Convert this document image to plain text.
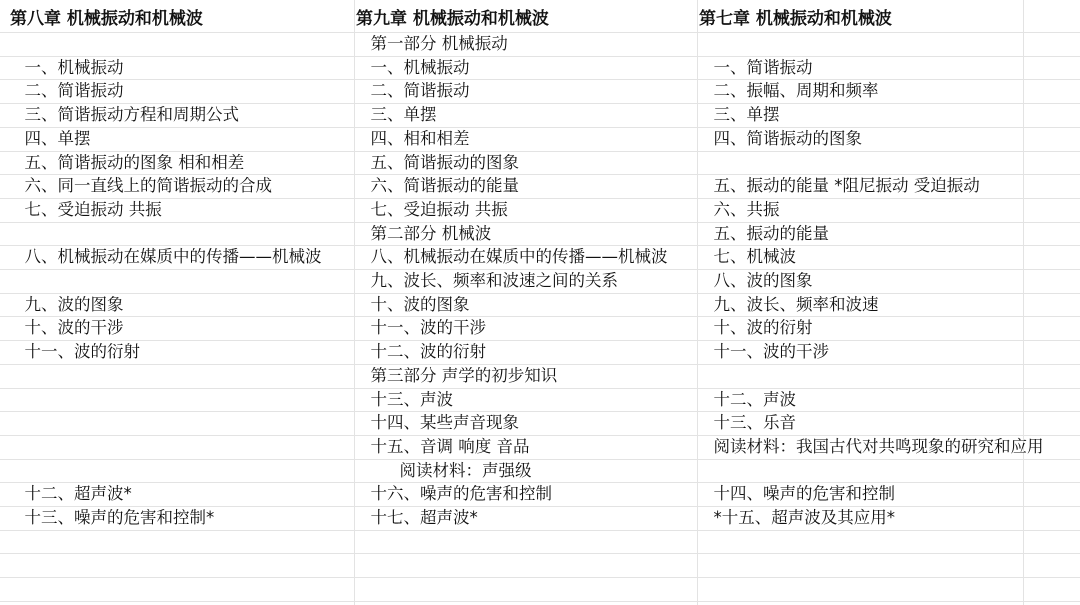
第八章 机械振动和机械波
一、机械振动
二、简谐振动
三、简谐振动方程和周期公式
四、单摆
五、简谐振动的图象 相和相差
六、同一直线上的简谐振动的合成
七、受迫振动 共振
八、机械振动在媒质中的传播——机械波
九、波的图象
十、波的干涉
十一、波的衍射
十二、超声波*
十三、噪声的危害和控制*
第九章 机械振动和机械波
第一部分 机械振动
一、机械振动
二、简谐振动
三、单摆
四、相和相差
五、简谐振动的图象
六、简谐振动的能量
七、受迫振动 共振
第二部分 机械波
八、机械振动在媒质中的传播——机械波
九、波长、频率和波速之间的关系
十、波的图象
十一、波的干涉
十二、波的衍射
第三部分 声学的初步知识
十三、声波
十四、某些声音现象
十五、音调 响度 音品
阅读材料：声强级
十六、噪声的危害和控制
十七、超声波*
第七章 机械振动和机械波
一、简谐振动
二、振幅、周期和频率
三、单摆
四、简谐振动的图象
五、振动的能量 *阻尼振动 受迫振动
六、共振
五、振动的能量
七、机械波
八、波的图象
九、波长、频率和波速
十、波的衍射
十一、波的干涉
十二、声波
十三、乐音
阅读材料：我国古代对共鸣现象的研究和应用
十四、噪声的危害和控制
*十五、超声波及其应用*
